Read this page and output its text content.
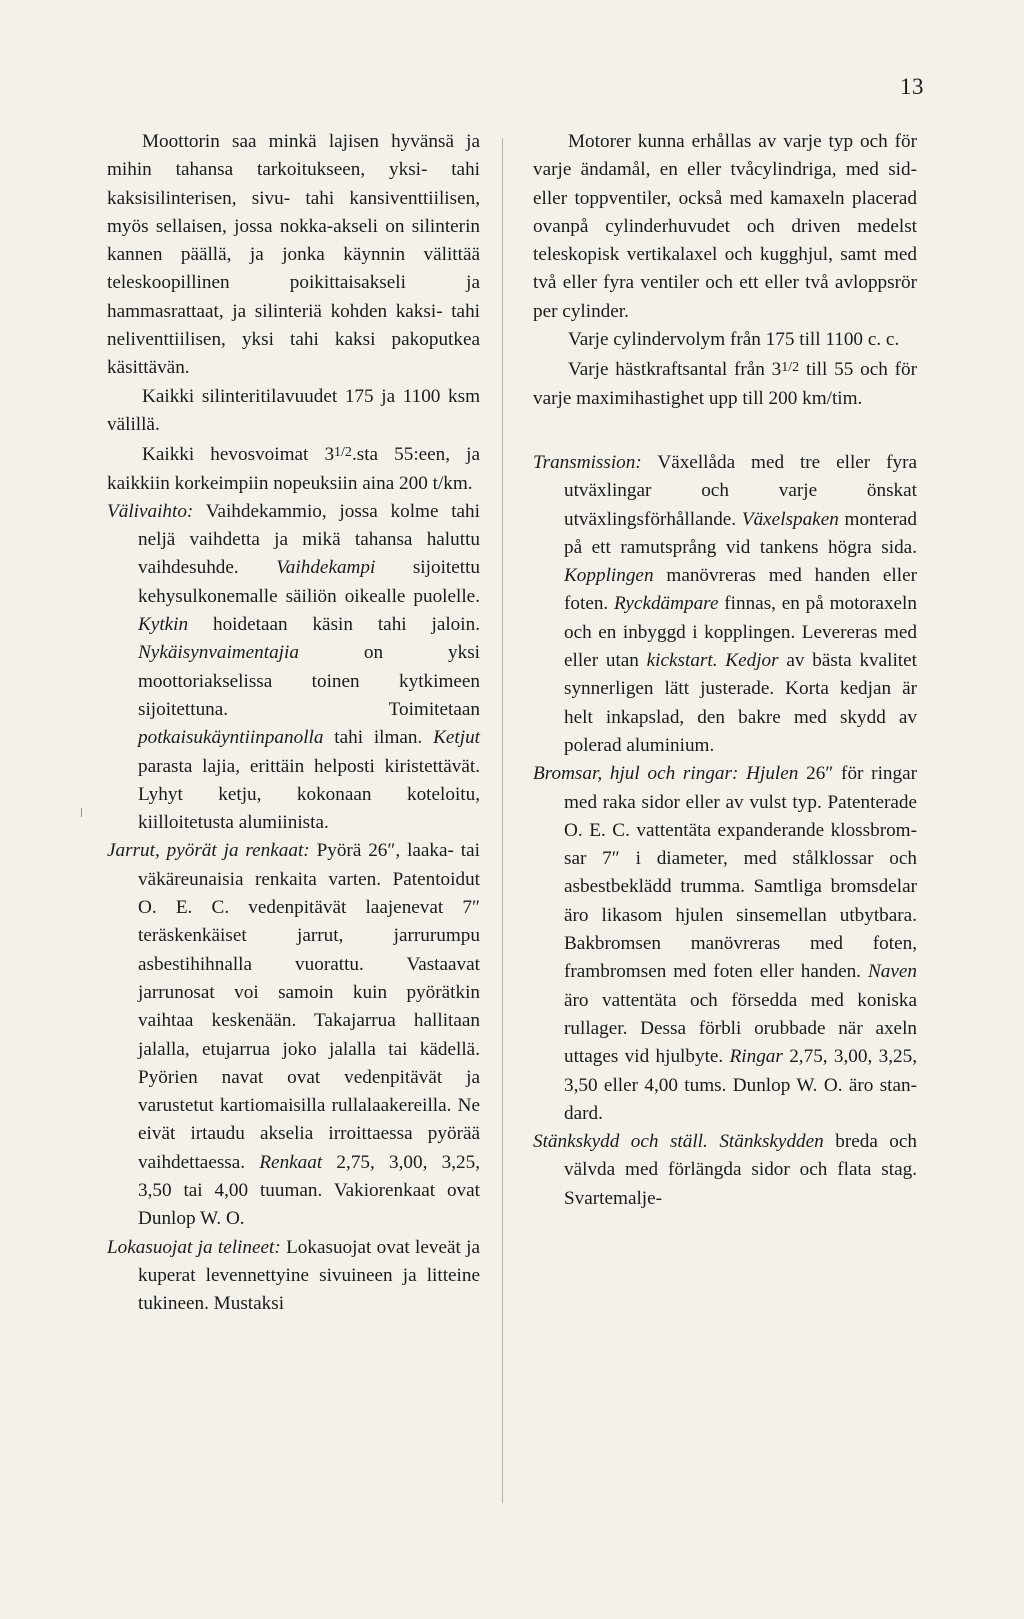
13

Moottorin saa minkä lajisen hyvänsä ja mihin tahansa tarkoitukseen, yksi- tahi kaksisilinterisen, sivu- tahi kansiventtiilisen, myös sellaisen, jossa nokka-akseli on silinterin kannen päällä, ja jonka käynnin välittää teleskoopillinen poikittaisakseli ja hammasrattaat, ja silinteriä kohden kaksi- tahi neliventtiilisen, yksi tahi kaksi pakoputkea käsittävän.

Kaikki silinteritilavuudet 175 ja 1100 ksm välillä.

Kaikki hevosvoimat $3^{1/2}.sta$ 55:een, ja kaikkiin korkeimpiin nopeuksiin aina 200 t/km.

Välivaihto: Vaihdekammio, jossa kolme tahi neljä vaihdetta ja mikä tahansa haluttu vaihdesuhde. Vaihdekampi sijoitettu kehysulkonemalle säiliön oikealle puolelle. Kytkin hoidetaan käsin tahi jaloin. Nykäisynvaimentajia on yksi moottoriakselissa toinen kytkimeen sijoitettuna. Toimitetaan potkaisukäyntiinpanolla tahi ilman. Ketjut parasta lajia, erittäin helposti kiristettävät. Lyhyt ketju, kokonaan koteloitu, kiilloitetusta alumiinista.

Jarrut, pyörät ja renkaat: Pyörä 26″, laaka- tai väkäreunaisia renkaita varten. Patentoidut O. E. C. vedenpitävät laajenevat 7″ teräskenkäiset jarrut, jarrurumpu asbestihihnalla vuorattu. Vastaavat jarrunosat voi samoin kuin pyörätkin vaihtaa keskenään. Takajarrua hallitaan jalalla, etujarrua joko jalalla tai kädellä. Pyörien navat ovat vedenpitävät ja varustetut kartiomaisilla rullalaakereilla. Ne eivät irtaudu akselia irroittaessa pyörää vaihdettaessa. Renkaat 2,75, 3,00, 3,25, 3,50 tai 4,00 tuuman. Vakiorenkaat ovat Dunlop W. O.

Lokasuojat ja telineet: Lokasuojat ovat leveät ja kuperat levennettyine sivuineen ja litteine tukineen. Mustaksi

Motorer kunna erhållas av varje typ och för varje ändamål, en eller tvåcylindriga, med sid- eller toppventiler, också med kamaxeln placerad ovanpå cylinderhuvudet och driven medelst teleskopisk vertikalaxel och kugghjul, samt med två eller fyra ventiler och ett eller två avloppsrör per cylinder.

Varje cylindervolym från 175 till 1100 c. c.

Varje hästkraftsantal från $3^{1/2}$ till 55 och för varje maximihastighet upp till 200 km/tim.

Transmission: Växellåda med tre eller fyra utväxlingar och varje önskat utväxlingsförhållande. Växelspaken monterad på ett ramutsprång vid tankens högra sida. Kopplingen manövreras med handen eller foten. Ryckdämpare finnas, en på motoraxeln och en inbyggd i kopplingen. Levereras med eller utan kickstart. Kedjor av bästa kvalitet synnerligen lätt justerade. Korta kedjan är helt inkapslad, den bakre med skydd av polerad aluminium.

Bromsar, hjul och ringar: Hjulen 26″ för ringar med raka sidor eller av vulst typ. Patenterade O. E. C. vattentäta expanderande klossbromsar 7″ i diameter, med stålklossar och asbestbeklädd trumma. Samtliga bromsdelar äro likasom hjulen sinsemellan utbytbara. Bakbromsen manövreras med foten, frambromsen med foten eller handen. Naven äro vattentäta och försedda med koniska rullager. Dessa förbli orubbade när axeln uttages vid hjulbyte. Ringar 2,75, 3,00, 3,25, 3,50 eller 4,00 tums. Dunlop W. O. äro standard.

Stänkskydd och ställ. Stänkskydden breda och välvda med förlängda sidor och flata stag. Svartemalje-
